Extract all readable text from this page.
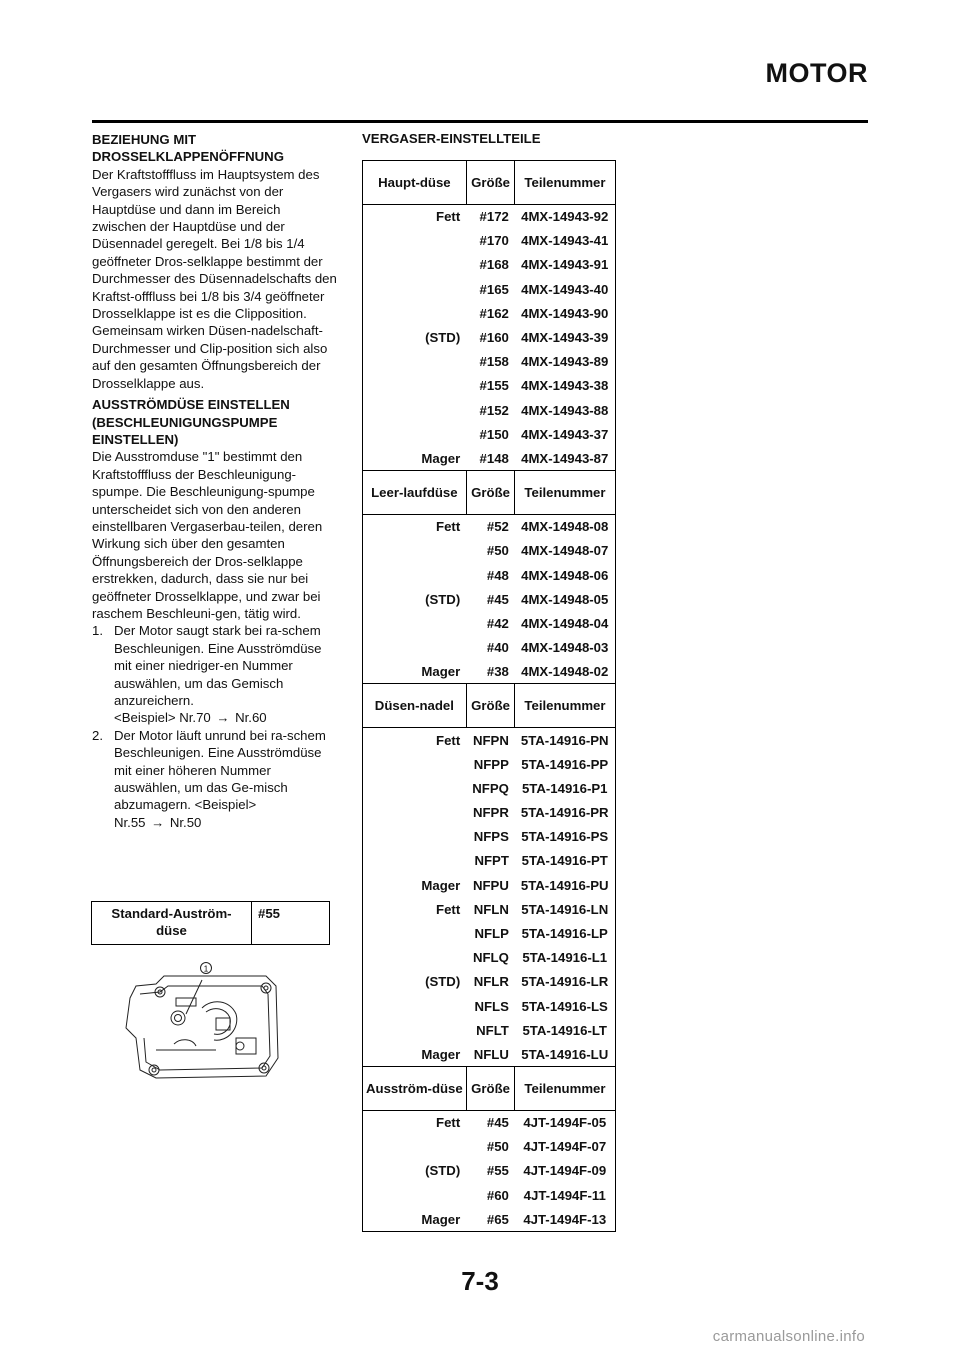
MOTOR
BEZIEHUNG MIT DROSSELKLAPPENÖFFNUNG

Der Kraftstofffluss im Hauptsystem des Vergasers wird zunächst von der Hauptdüse und dann im Bereich zwischen der Hauptdüse und der Düsennadel geregelt. Bei 1/8 bis 1/4 geöffneter Dros-selklappe bestimmt der Durchmesser des Düsennadelschafts den Kraftst-offfluss bei 1/8 bis 3/4 geöffneter Drosselklappe ist es die Clipposition. Gemeinsam wirken Düsen-nadelschaft- Durchmesser und Clip-position sich also auf den gesamten Öffnungsbereich der Drosselklappe aus.

AUSSTRÖMDÜSE EINSTELLEN (BESCHLEUNIGUNGSPUMPE EINSTELLEN)

Die Ausstromduse "1" bestimmt den Kraftstofffluss der Beschleunigung-spumpe. Die Beschleunigung-spumpe unterscheidet sich von den anderen einstellbaren Vergaserbau-teilen, deren Wirkung sich über den gesamten Öffnungsbereich der Dros-selklappe erstrekken, dadurch, dass sie nur bei geöffneter Drosselklappe, und zwar bei raschem Beschleuni-gen, tätig wird.

1. Der Motor saugt stark bei ra-schem Beschleunigen. Eine Ausströmdüse mit einer niedriger-en Nummer auswählen, um das Gemisch anzureichern.
<Beispiel> Nr.70 → Nr.60
2. Der Motor läuft unrund bei ra-schem Beschleunigen. Eine Ausströmdüse mit einer höheren Nummer auswählen, um das Ge-misch abzumagern. <Beispiel>
Nr.55 → Nr.50
Standard-Auström-düse	#55
1
VERGASER-EINSTELLTEILE
Haupt-düse	Größe	Teilenummer
Fett	#172	4MX-14943-92
	#170	4MX-14943-41
	#168	4MX-14943-91
	#165	4MX-14943-40
	#162	4MX-14943-90
(STD)	#160	4MX-14943-39
	#158	4MX-14943-89
	#155	4MX-14943-38
	#152	4MX-14943-88
	#150	4MX-14943-37
Mager	#148	4MX-14943-87
Leer-laufdüse	Größe	Teilenummer
Fett	#52	4MX-14948-08
	#50	4MX-14948-07
	#48	4MX-14948-06
(STD)	#45	4MX-14948-05
	#42	4MX-14948-04
	#40	4MX-14948-03
Mager	#38	4MX-14948-02
Düsen-nadel	Größe	Teilenummer
Fett	NFPN	5TA-14916-PN
	NFPP	5TA-14916-PP
	NFPQ	5TA-14916-P1
	NFPR	5TA-14916-PR
	NFPS	5TA-14916-PS
	NFPT	5TA-14916-PT
Mager	NFPU	5TA-14916-PU
Fett	NFLN	5TA-14916-LN
	NFLP	5TA-14916-LP
	NFLQ	5TA-14916-L1
(STD)	NFLR	5TA-14916-LR
	NFLS	5TA-14916-LS
	NFLT	5TA-14916-LT
Mager	NFLU	5TA-14916-LU
Ausström-düse	Größe	Teilenummer
Fett	#45	4JT-1494F-05
	#50	4JT-1494F-07
(STD)	#55	4JT-1494F-09
	#60	4JT-1494F-11
Mager	#65	4JT-1494F-13
7-3
carmanualsonline.info
